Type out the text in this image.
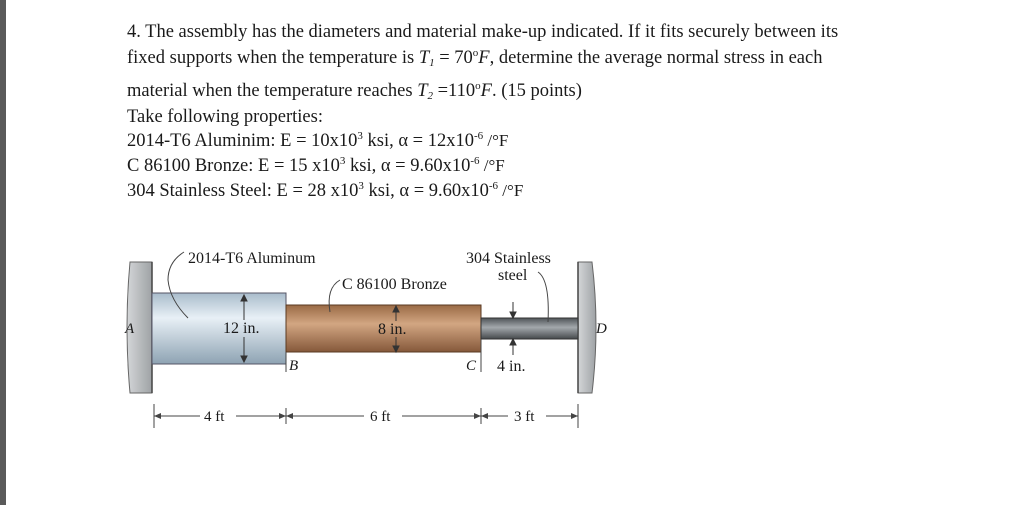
4. The assembly has the diameters and material make-up indicated. If it fits securely between its
fixed supports when the temperature is $T_1 = 70^oF$, determine the average normal stress in each
material when the temperature reaches $T_2 =110^oF$. (15 points)
Take following properties:
2014-T6 Aluminim: $E = 10x10^3$ ksi, $\alpha = 12x10^{-6}$ /°F
C 86100 Bronze: E = 15 $x10^3$ ksi, $\alpha = 9.60x10^{-6}$ /°F
304 Stainless Steel: E = 28 $x10^3$ ksi, $\alpha = 9.60x10^{-6}$ /°F
2014-T6 Aluminum
C 86100 Bronze
304 Stainless
steel
A
B	C
D
12 in.	8 in.
4 in.
4 ft	6 ft	3 ft
